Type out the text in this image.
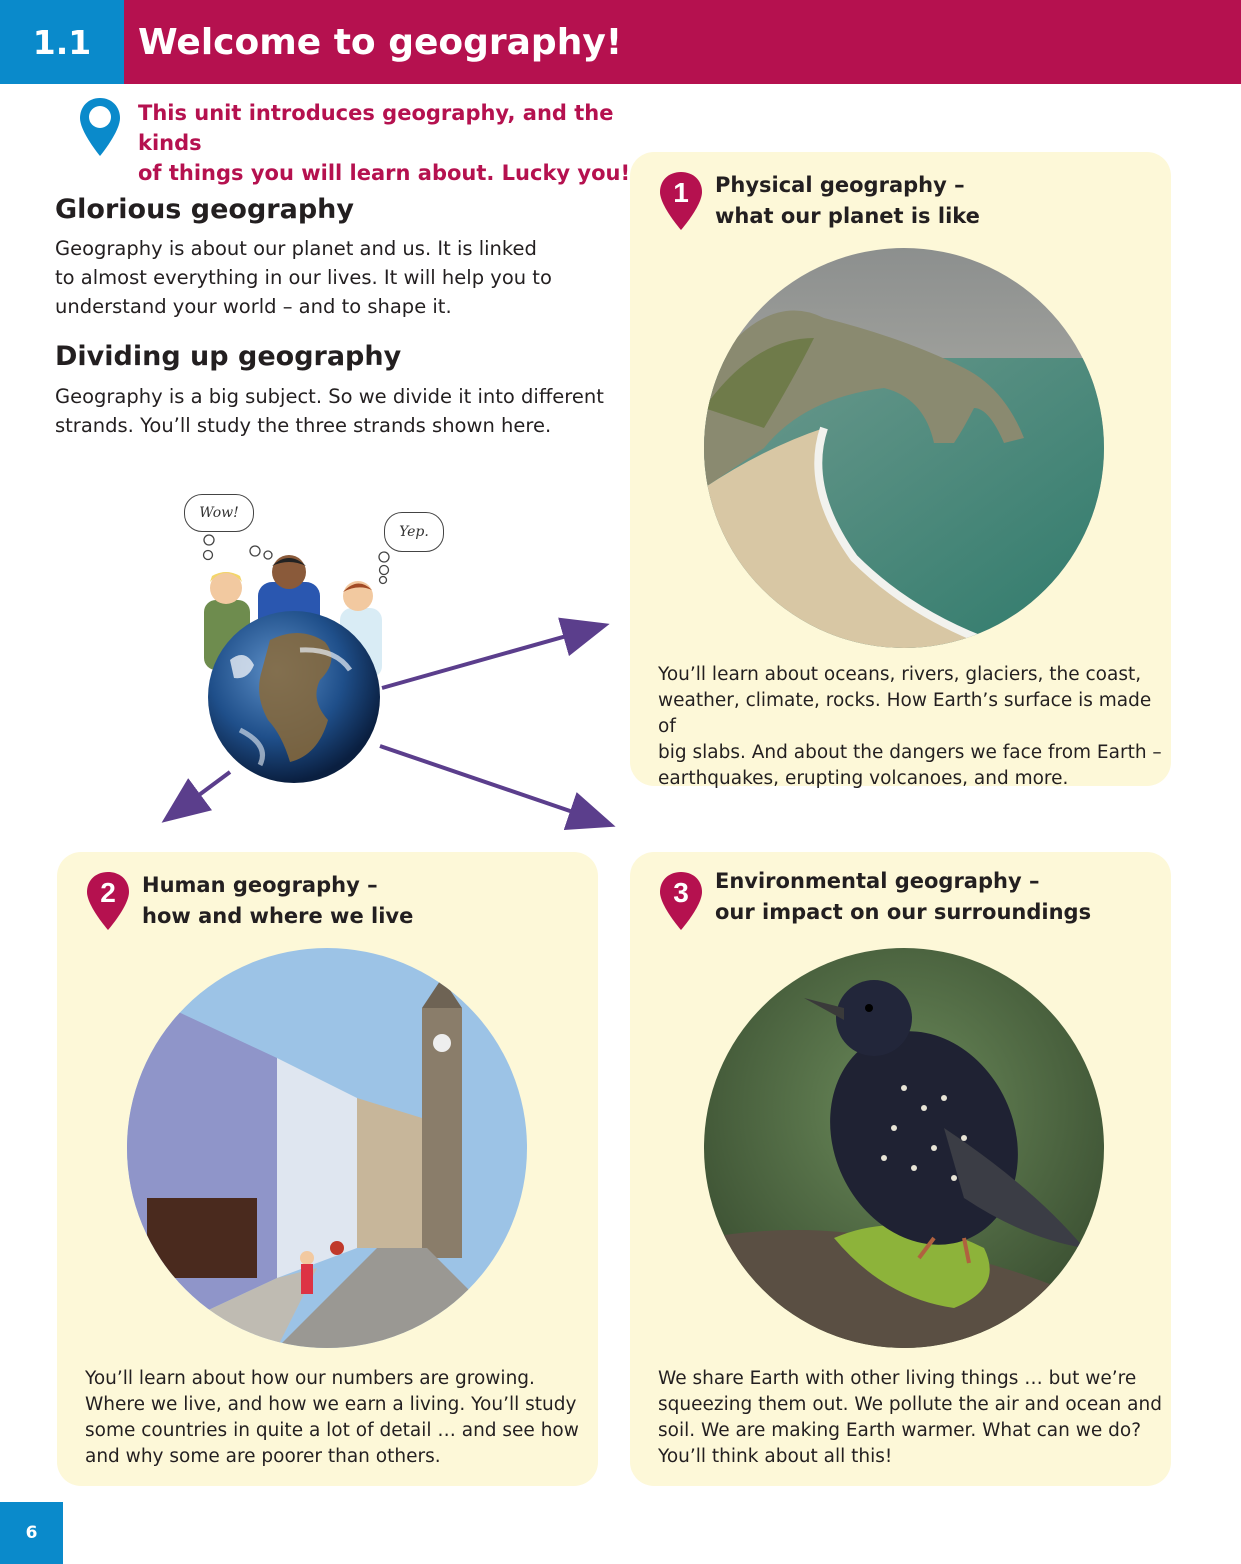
1.1	Welcome to geography!
This unit introduces geography, and the kinds
of things you will learn about. Lucky you!
Glorious geography
Geography is about our planet and us. It is linked
to almost everything in our lives. It will help you to
understand your world – and to shape it.
Dividing up geography
Geography is a big subject. So we divide it into different
strands. You’ll study the three strands shown here.
Wow!
Yep.
1 Physical geography –
what our planet is like
You’ll learn about oceans, rivers, glaciers, the coast,
weather, climate, rocks. How Earth’s surface is made of
big slabs. And about the dangers we face from Earth –
earthquakes, erupting volcanoes, and more.
2 Human geography –
how and where we live
You’ll learn about how our numbers are growing.
Where we live, and how we earn a living. You’ll study
some countries in quite a lot of detail … and see how
and why some are poorer than others.
3 Environmental geography –
our impact on our surroundings
We share Earth with other living things … but we’re
squeezing them out. We pollute the air and ocean and
soil. We are making Earth warmer. What can we do?
You’ll think about all this!
6
